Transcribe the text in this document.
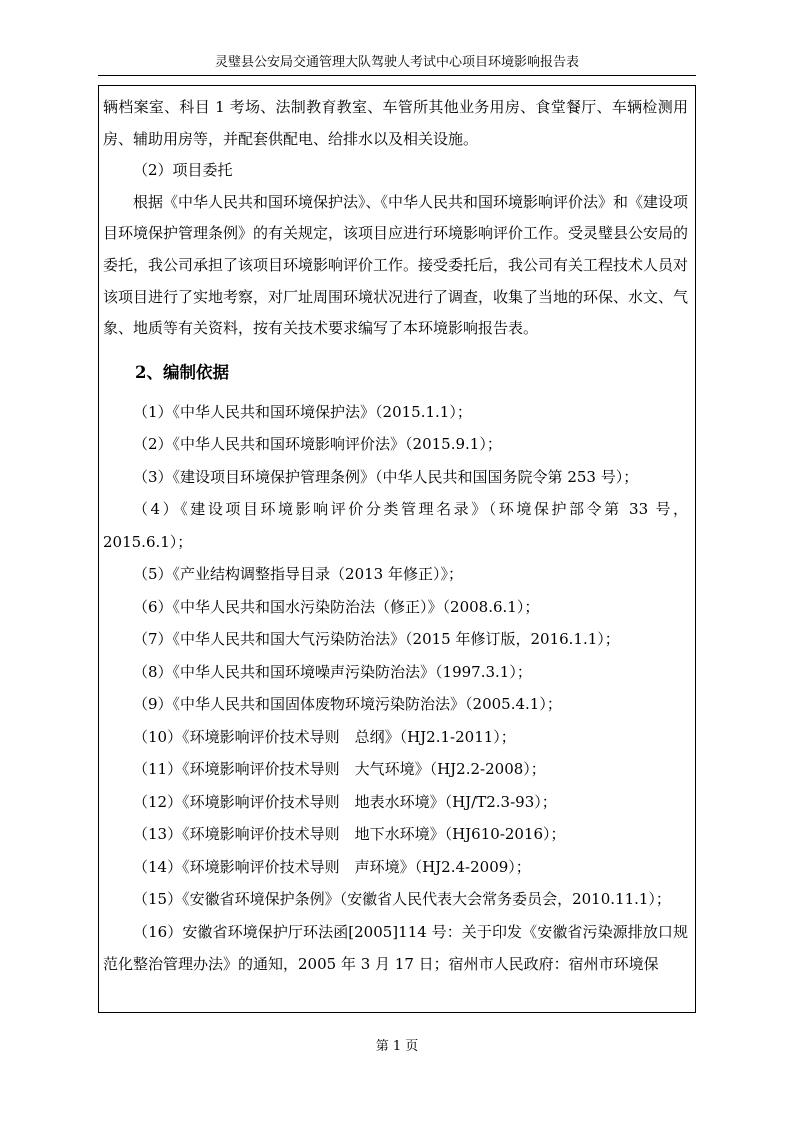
灵璧县公安局交通管理大队驾驶人考试中心项目环境影响报告表

辆档案室、科目 1 考场、法制教育教室、车管所其他业务用房、食堂餐厅、车辆检测用房、辅助用房等，并配套供配电、给排水以及相关设施。

（2）项目委托

根据《中华人民共和国环境保护法》、《中华人民共和国环境影响评价法》和《建设项目环境保护管理条例》的有关规定，该项目应进行环境影响评价工作。受灵璧县公安局的委托，我公司承担了该项目环境影响评价工作。接受委托后，我公司有关工程技术人员对该项目进行了实地考察，对厂址周围环境状况进行了调查，收集了当地的环保、水文、气象、地质等有关资料，按有关技术要求编写了本环境影响报告表。

2、编制依据

（1）《中华人民共和国环境保护法》（2015.1.1）；

（2）《中华人民共和国环境影响评价法》（2015.9.1）；

（3）《建设项目环境保护管理条例》（中华人民共和国国务院令第 253 号）；

（4）《建设项目环境影响评价分类管理名录》（环境保护部令第 33 号，2015.6.1）；

（5）《产业结构调整指导目录（2013 年修正）》；

（6）《中华人民共和国水污染防治法（修正）》（2008.6.1）；

（7）《中华人民共和国大气污染防治法》（2015 年修订版，2016.1.1）；

（8）《中华人民共和国环境噪声污染防治法》（1997.3.1）；

（9）《中华人民共和国固体废物环境污染防治法》（2005.4.1）；

（10）《环境影响评价技术导则　总纲》（HJ2.1-2011）；

（11）《环境影响评价技术导则　大气环境》（HJ2.2-2008）；

（12）《环境影响评价技术导则　地表水环境》（HJ/T2.3-93）；

（13）《环境影响评价技术导则　地下水环境》（HJ610-2016）；

（14）《环境影响评价技术导则　声环境》（HJ2.4-2009）；

（15）《安徽省环境保护条例》（安徽省人民代表大会常务委员会，2010.11.1）；

（16）安徽省环境保护厅环法函[2005]114 号：关于印发《安徽省污染源排放口规范化整治管理办法》的通知，2005 年 3 月 17 日；宿州市人民政府：宿州市环境保

第 1 页
